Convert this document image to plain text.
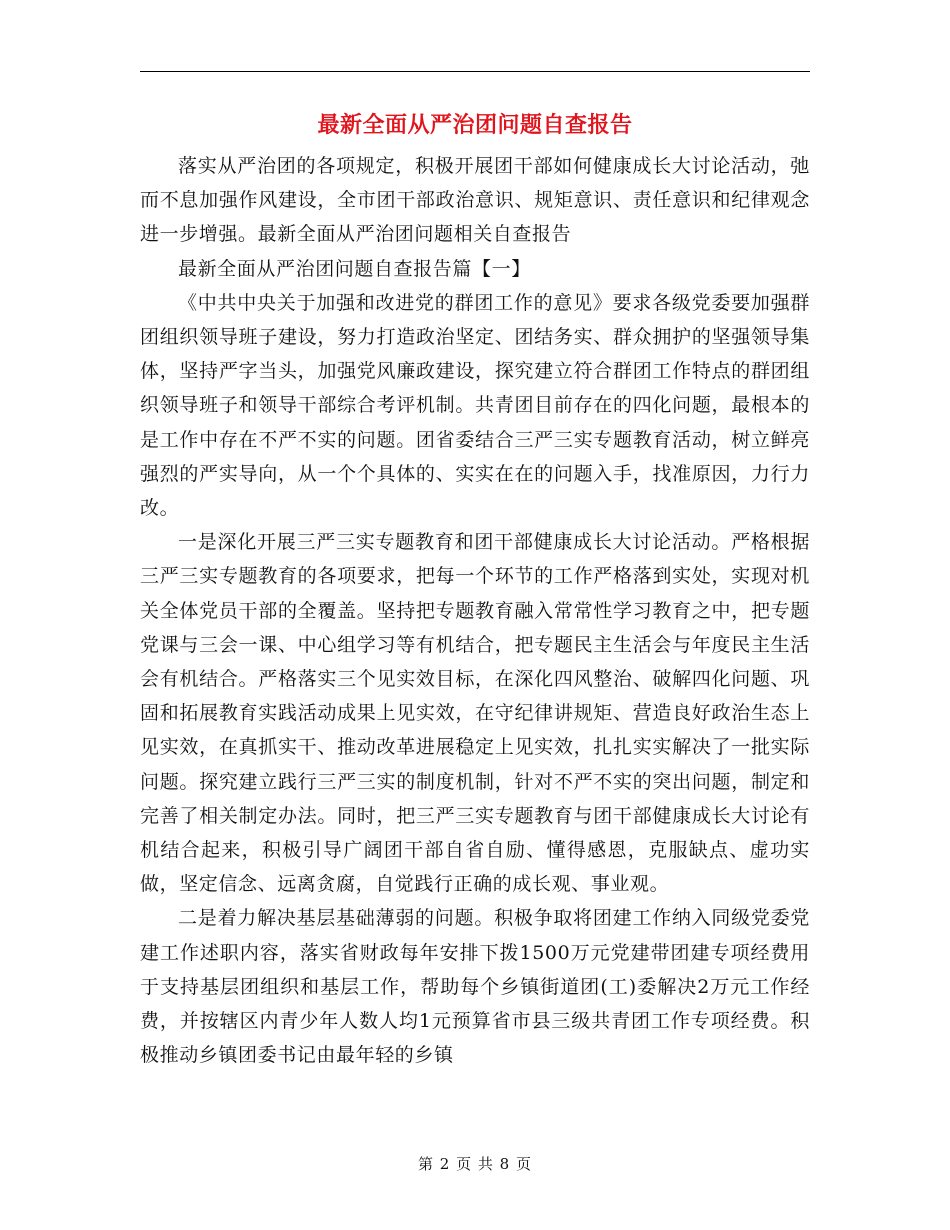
最新全面从严治团问题自查报告

落实从严治团的各项规定，积极开展团干部如何健康成长大讨论活动，弛而不息加强作风建设，全市团干部政治意识、规矩意识、责任意识和纪律观念进一步增强。最新全面从严治团问题相关自查报告

最新全面从严治团问题自查报告篇【一】

《中共中央关于加强和改进党的群团工作的意见》要求各级党委要加强群团组织领导班子建设，努力打造政治坚定、团结务实、群众拥护的坚强领导集体，坚持严字当头，加强党风廉政建设，探究建立符合群团工作特点的群团组织领导班子和领导干部综合考评机制。共青团目前存在的四化问题，最根本的是工作中存在不严不实的问题。团省委结合三严三实专题教育活动，树立鲜亮强烈的严实导向，从一个个具体的、实实在在的问题入手，找准原因，力行力改。

一是深化开展三严三实专题教育和团干部健康成长大讨论活动。严格根据三严三实专题教育的各项要求，把每一个环节的工作严格落到实处，实现对机关全体党员干部的全覆盖。坚持把专题教育融入常常性学习教育之中，把专题党课与三会一课、中心组学习等有机结合，把专题民主生活会与年度民主生活会有机结合。严格落实三个见实效目标，在深化四风整治、破解四化问题、巩固和拓展教育实践活动成果上见实效，在守纪律讲规矩、营造良好政治生态上见实效，在真抓实干、推动改革进展稳定上见实效，扎扎实实解决了一批实际问题。探究建立践行三严三实的制度机制，针对不严不实的突出问题，制定和完善了相关制定办法。同时，把三严三实专题教育与团干部健康成长大讨论有机结合起来，积极引导广阔团干部自省自励、懂得感恩，克服缺点、虚功实做，坚定信念、远离贪腐，自觉践行正确的成长观、事业观。

二是着力解决基层基础薄弱的问题。积极争取将团建工作纳入同级党委党建工作述职内容，落实省财政每年安排下拨1500万元党建带团建专项经费用于支持基层团组织和基层工作，帮助每个乡镇街道团(工)委解决2万元工作经费，并按辖区内青少年人数人均1元预算省市县三级共青团工作专项经费。积极推动乡镇团委书记由最年轻的乡镇

第 2 页 共 8 页
